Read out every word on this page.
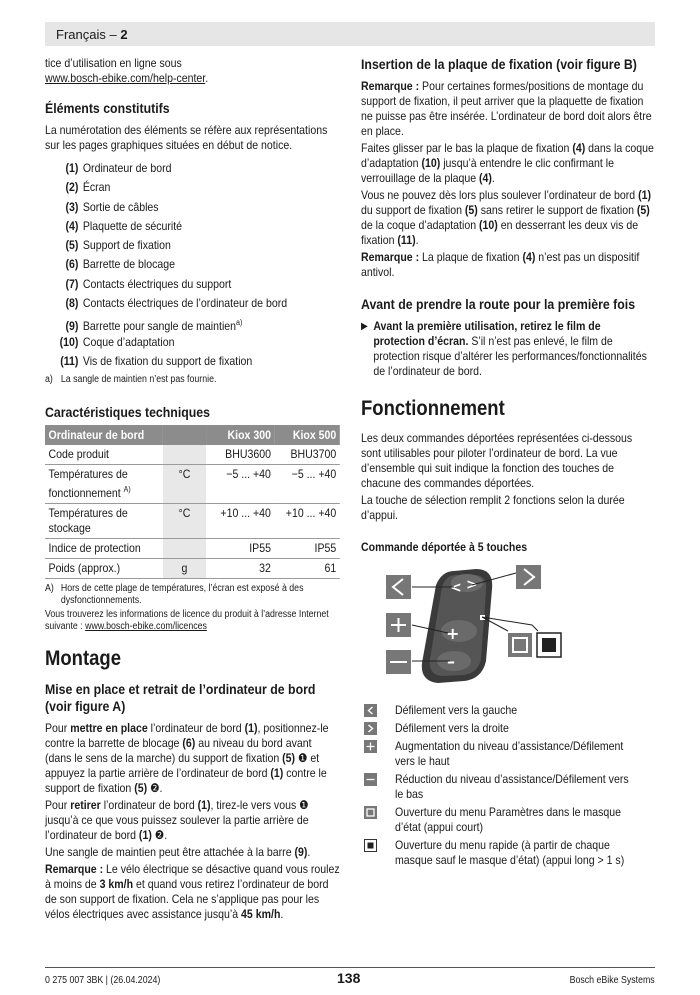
Français – 2

tice d’utilisation en ligne sous
www.bosch-ebike.com/help-center.

Éléments constitutifs

La numérotation des éléments se réfère aux représentations sur les pages graphiques situées en début de notice.

(1) Ordinateur de bord
(2) Écran
(3) Sortie de câbles
(4) Plaquette de sécurité
(5) Support de fixation
(6) Barrette de blocage
(7) Contacts électriques du support
(8) Contacts électriques de l’ordinateur de bord
(9) Barrette pour sangle de maintien$^{a)}$
(10) Coque d’adaptation
(11) Vis de fixation du support de fixation
a) La sangle de maintien n’est pas fournie.
Caractéristiques techniques
Ordinateur de bord		Kiox 300	Kiox 500
Code produit		BHU3600	BHU3700
Températures de fonctionnement $^{A)}$	°C	−5 ... +40	−5 ... +40
Températures de stockage	°C	+10 ... +40	+10 ... +40
Indice de protection		IP55	IP55
Poids (approx.)	g	32	61
A) Hors de cette plage de températures, l’écran est exposé à des dysfonctionnements.
Vous trouverez les informations de licence du produit à l’adresse Internet suivante : www.bosch-ebike.com/licences
Montage
Mise en place et retrait de l’ordinateur de bord (voir figure A)

Pour mettre en place l’ordinateur de bord (1), positionnez-le contre la barrette de blocage (6) au niveau du bord avant (dans le sens de la marche) du support de fixation (5) ❶ et appuyez la partie arrière de l’ordinateur de bord (1) contre le support de fixation (5) ❷.

Pour retirer l’ordinateur de bord (1), tirez-le vers vous ❶ jusqu’à ce que vous puissez soulever la partie arrière de l’ordinateur de bord (1) ❷.

Une sangle de maintien peut être attachée à la barre (9).

Remarque : Le vélo électrique se désactive quand vous roulez à moins de 3 km/h et quand vous retirez l’ordinateur de bord de son support de fixation. Cela ne s’applique pas pour les vélos électriques avec assistance jusqu’à 45 km/h.

Insertion de la plaque de fixation (voir figure B)

Remarque : Pour certaines formes/positions de montage du support de fixation, il peut arriver que la plaquette de fixation ne puisse pas être insérée. L’ordinateur de bord doit alors être en place.

Faites glisser par le bas la plaque de fixation (4) dans la coque d’adaptation (10) jusqu’à entendre le clic confirmant le verrouillage de la plaque (4).

Vous ne pouvez dès lors plus soulever l’ordinateur de bord (1) du support de fixation (5) sans retirer le support de fixation (5) de la coque d’adaptation (10) en desserrant les deux vis de fixation (11).

Remarque : La plaque de fixation (4) n’est pas un dispositif antivol.

Avant de prendre la route pour la première fois
▶ Avant la première utilisation, retirez le film de protection d’écran. S’il n’est pas enlevé, le film de protection risque d’altérer les performances/fonctionnalités de l’ordinateur de bord.
Fonctionnement

Les deux commandes déportées représentées ci-dessous sont utilisables pour piloter l’ordinateur de bord. La vue d’ensemble qui suit indique la fonction des touches de chacune des commandes déportées.

La touche de sélection remplit 2 fonctions selon la durée d’appui.

Commande déportée à 5 touches
< >
+
–
Défilement vers la gauche
Défilement vers la droite
Augmentation du niveau d’assistance/Défilement vers le haut
Réduction du niveau d’assistance/Défilement vers le bas
Ouverture du menu Paramètres dans le masque d’état (appui court)
Ouverture du menu rapide (à partir de chaque masque sauf le masque d’état) (appui long > 1 s)
0 275 007 3BK | (26.04.2024)	138	Bosch eBike Systems
